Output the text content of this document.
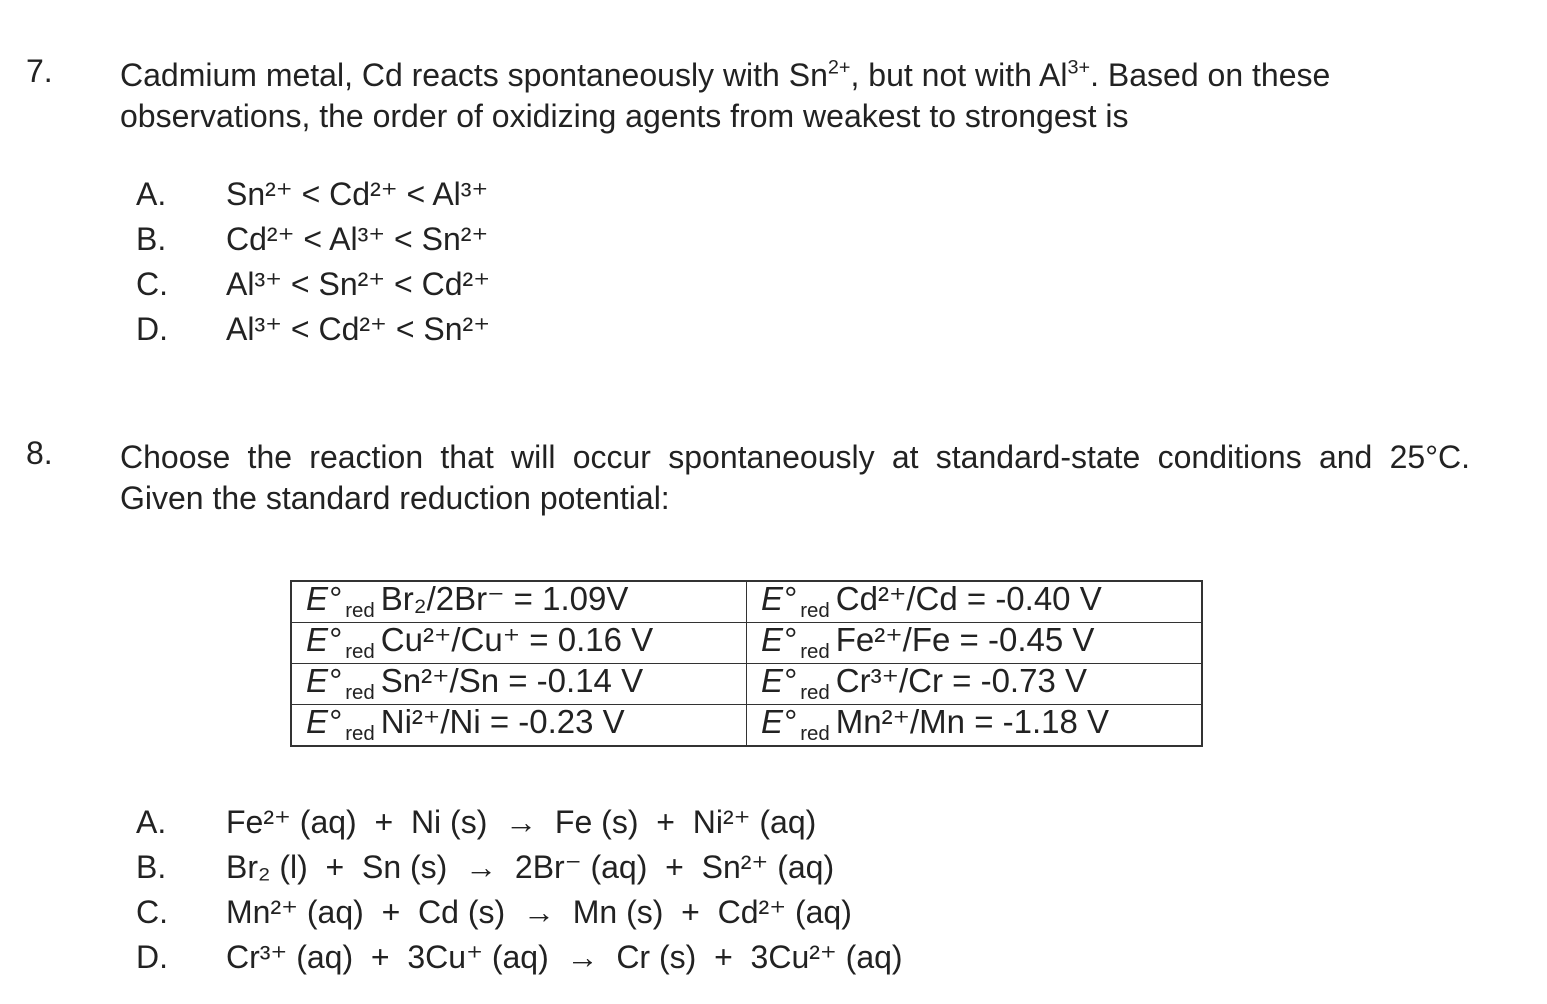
7. Cadmium metal, Cd reacts spontaneously with $Sn^{2+}$, but not with $Al^{3+}$. Based on these observations, the order of oxidizing agents from weakest to strongest is
A. Sn²⁺ < Cd²⁺ < Al³⁺
B. Cd²⁺ < Al³⁺ < Sn²⁺
C. Al³⁺ < Sn²⁺ < Cd²⁺
D. Al³⁺ < Cd²⁺ < Sn²⁺
8. Choose the reaction that will occur spontaneously at standard-state conditions and 25°C. Given the standard reduction potential:
E° $_{red}$ Br₂/2Br⁻ = 1.09V	E° $_{red}$ Cd²⁺/Cd = -0.40 V
E° $_{red}$ Cu²⁺/Cu⁺ = 0.16 V	E° $_{red}$ Fe²⁺/Fe = -0.45 V
E° $_{red}$ Sn²⁺/Sn = -0.14 V	E° $_{red}$ Cr³⁺/Cr = -0.73 V
E° $_{red}$ Ni²⁺/Ni = -0.23 V	E° $_{red}$ Mn²⁺/Mn = -1.18 V
A. Fe²⁺ (aq)  +  Ni (s)  →  Fe (s)  +  Ni²⁺ (aq)
B. Br₂ (l)  +  Sn (s)  →  2Br⁻ (aq)  +  Sn²⁺ (aq)
C. Mn²⁺ (aq)  +  Cd (s)  →  Mn (s)  +  Cd²⁺ (aq)
D. Cr³⁺ (aq)  +  3Cu⁺ (aq)  →  Cr (s)  +  3Cu²⁺ (aq)
